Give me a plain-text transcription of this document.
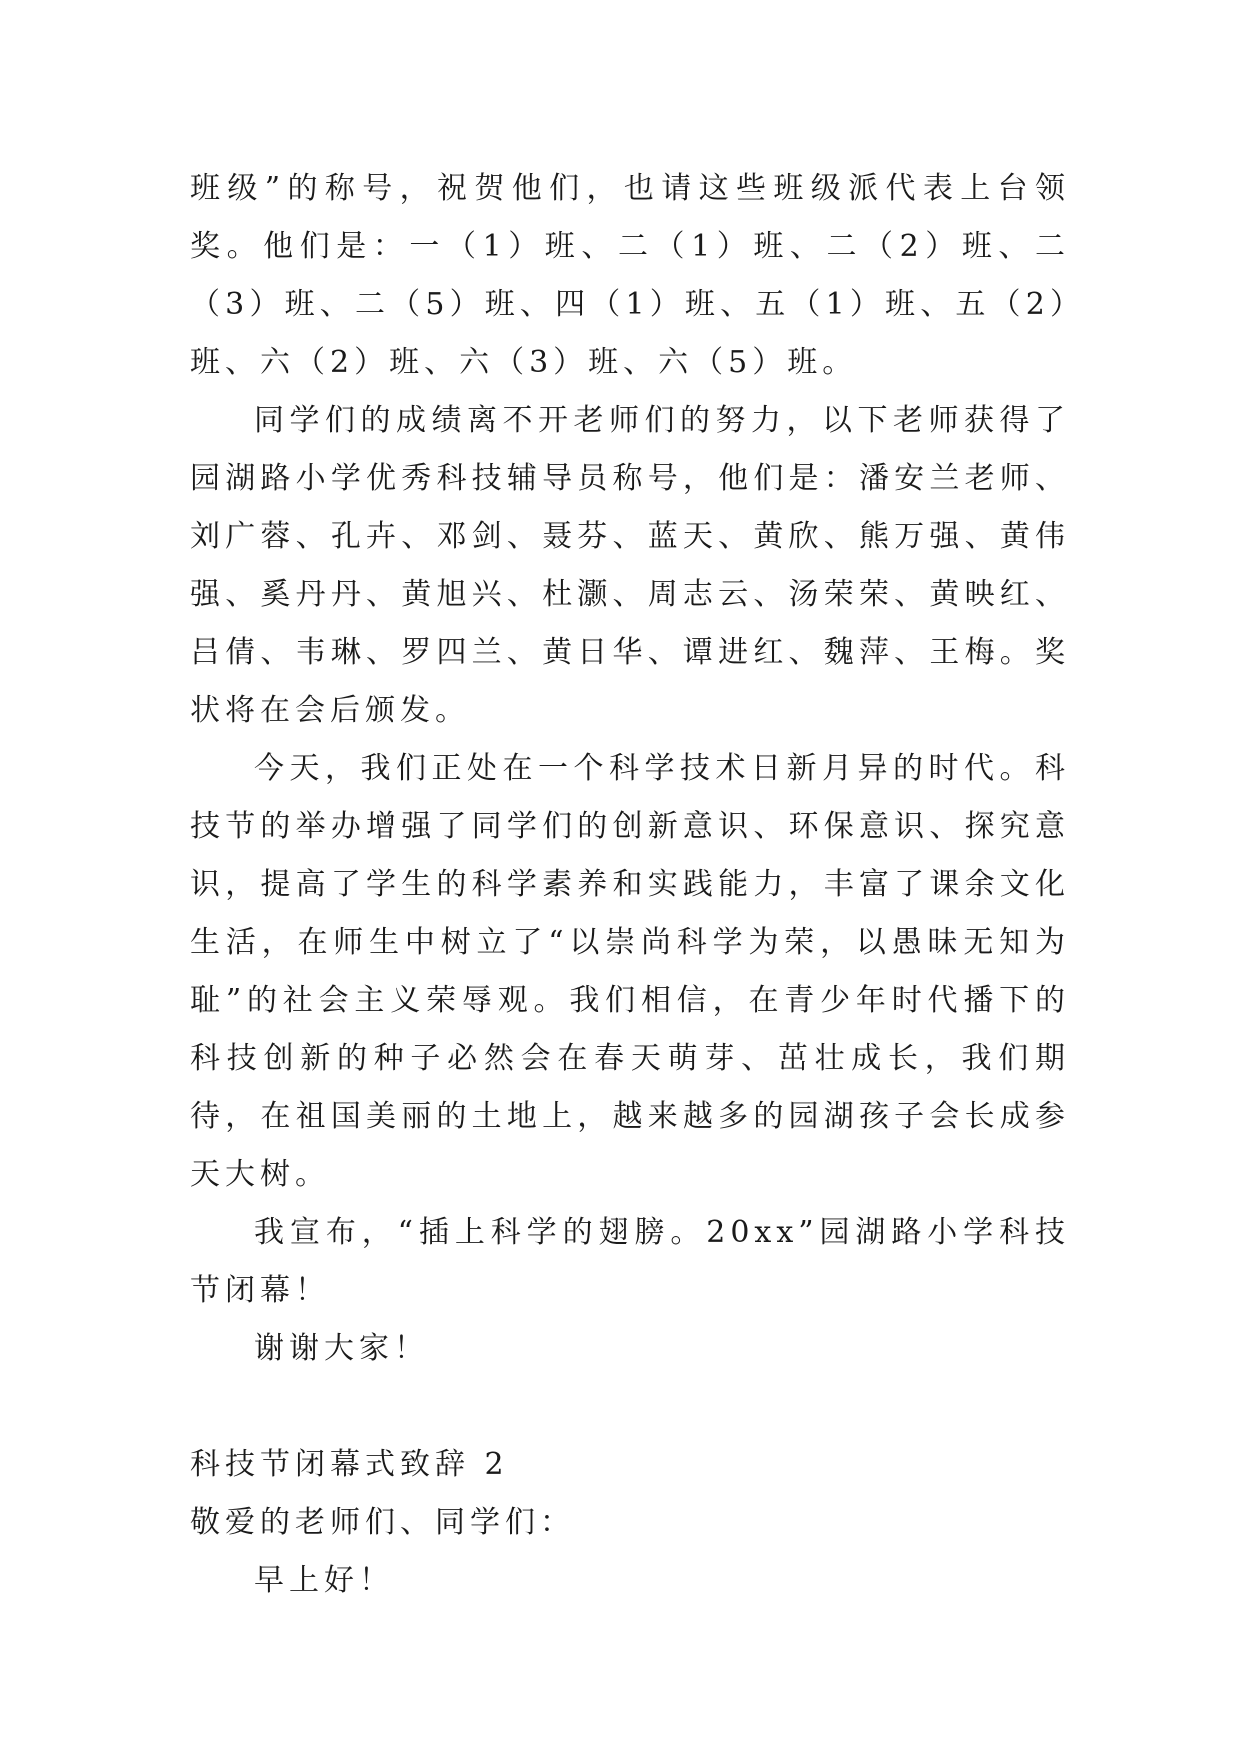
班级”的称号，祝贺他们，也请这些班级派代表上台领奖。他们是：一（1）班、二（1）班、二（2）班、二（3）班、二（5）班、四（1）班、五（1）班、五（2）班、六（2）班、六（3）班、六（5）班。

同学们的成绩离不开老师们的努力，以下老师获得了园湖路小学优秀科技辅导员称号，他们是：潘安兰老师、刘广蓉、孔卉、邓剑、聂芬、蓝天、黄欣、熊万强、黄伟强、奚丹丹、黄旭兴、杜灏、周志云、汤荣荣、黄映红、吕倩、韦琳、罗四兰、黄日华、谭进红、魏萍、王梅。奖状将在会后颁发。

今天，我们正处在一个科学技术日新月异的时代。科技节的举办增强了同学们的创新意识、环保意识、探究意识，提高了学生的科学素养和实践能力，丰富了课余文化生活，在师生中树立了“以崇尚科学为荣，以愚昧无知为耻”的社会主义荣辱观。我们相信，在青少年时代播下的科技创新的种子必然会在春天萌芽、茁壮成长，我们期待，在祖国美丽的土地上，越来越多的园湖孩子会长成参天大树。

我宣布，“插上科学的翅膀。20xx”园湖路小学科技节闭幕！

谢谢大家！

科技节闭幕式致辞 2

敬爱的老师们、同学们：

早上好！
